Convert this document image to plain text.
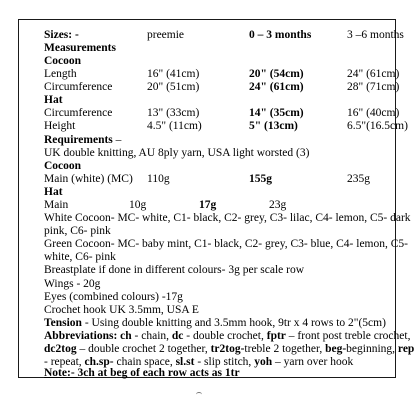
Sizes: -	preemie	0 – 3 months	3 –6 months
Measurements
Cocoon
Length	16" (41cm)	20" (54cm)	24" (61cm)
Circumference	20" (51cm)	24" (61cm)	28" (71cm)
Hat
Circumference	13" (33cm)	14" (35cm)	16" (40cm)
Height	4.5" (11cm)	5" (13cm)	6.5"(16.5cm)
Requirements –
UK double knitting, AU 8ply yarn, USA light worsted (3)
Cocoon
Main (white) (MC) 110g	155g	235g
Hat
Main	10g	17g	23g
White Cocoon- MC- white, C1- black, C2- grey, C3- lilac, C4- lemon, C5- dark
pink, C6- pink
Green Cocoon- MC- baby mint, C1- black, C2- grey, C3- blue, C4- lemon, C5-
white, C6- pink
Breastplate if done in different colours- 3g per scale row
Wings - 20g
Eyes (combined colours) -17g
Crochet hook UK 3.5mm, USA E
Tension - Using double knitting and 3.5mm hook, 9tr x 4 rows to 2"(5cm)
Abbreviations: ch - chain, dc - double crochet, fptr – front post treble crochet,
dc2tog – double crochet 2 together, tr2tog-treble 2 together, beg-beginning, rep
- repeat, ch.sp- chain space, sl.st - slip stitch, yoh – yarn over hook
Note:- 3ch at beg of each row acts as 1tr
